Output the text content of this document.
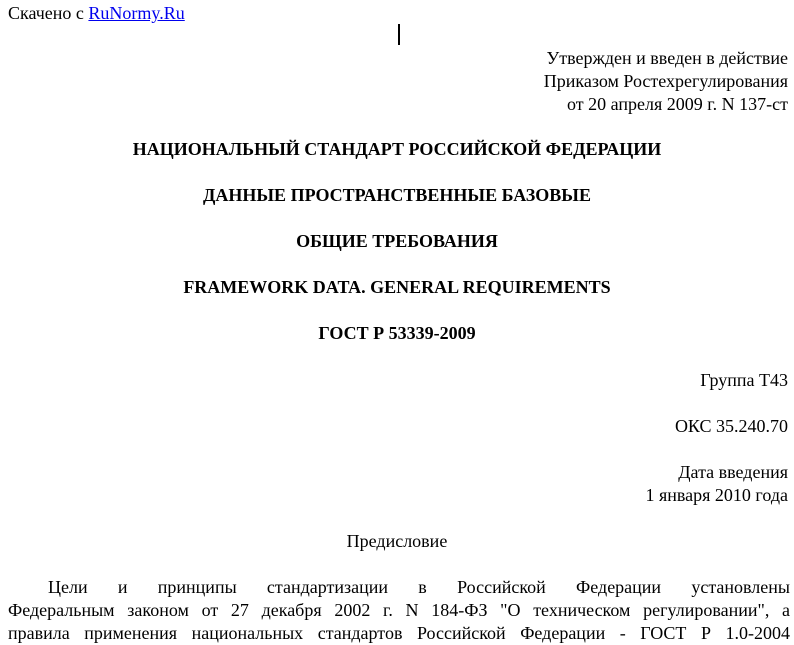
Скачено с RuNormy.Ru
Утвержден и введен в действие
Приказом Ростехрегулирования
от 20 апреля 2009 г. N 137-ст
НАЦИОНАЛЬНЫЙ СТАНДАРТ РОССИЙСКОЙ ФЕДЕРАЦИИ
ДАННЫЕ ПРОСТРАНСТВЕННЫЕ БАЗОВЫЕ
ОБЩИЕ ТРЕБОВАНИЯ
FRAMEWORK DATA. GENERAL REQUIREMENTS
ГОСТ Р 53339-2009
Группа Т43
ОКС 35.240.70
Дата введения
1 января 2010 года
Предисловие
Цели и принципы стандартизации в Российской Федерации установлены
Федеральным законом от 27 декабря 2002 г. N 184-ФЗ "О техническом регулировании", а
правила применения национальных стандартов Российской Федерации - ГОСТ Р 1.0-2004
